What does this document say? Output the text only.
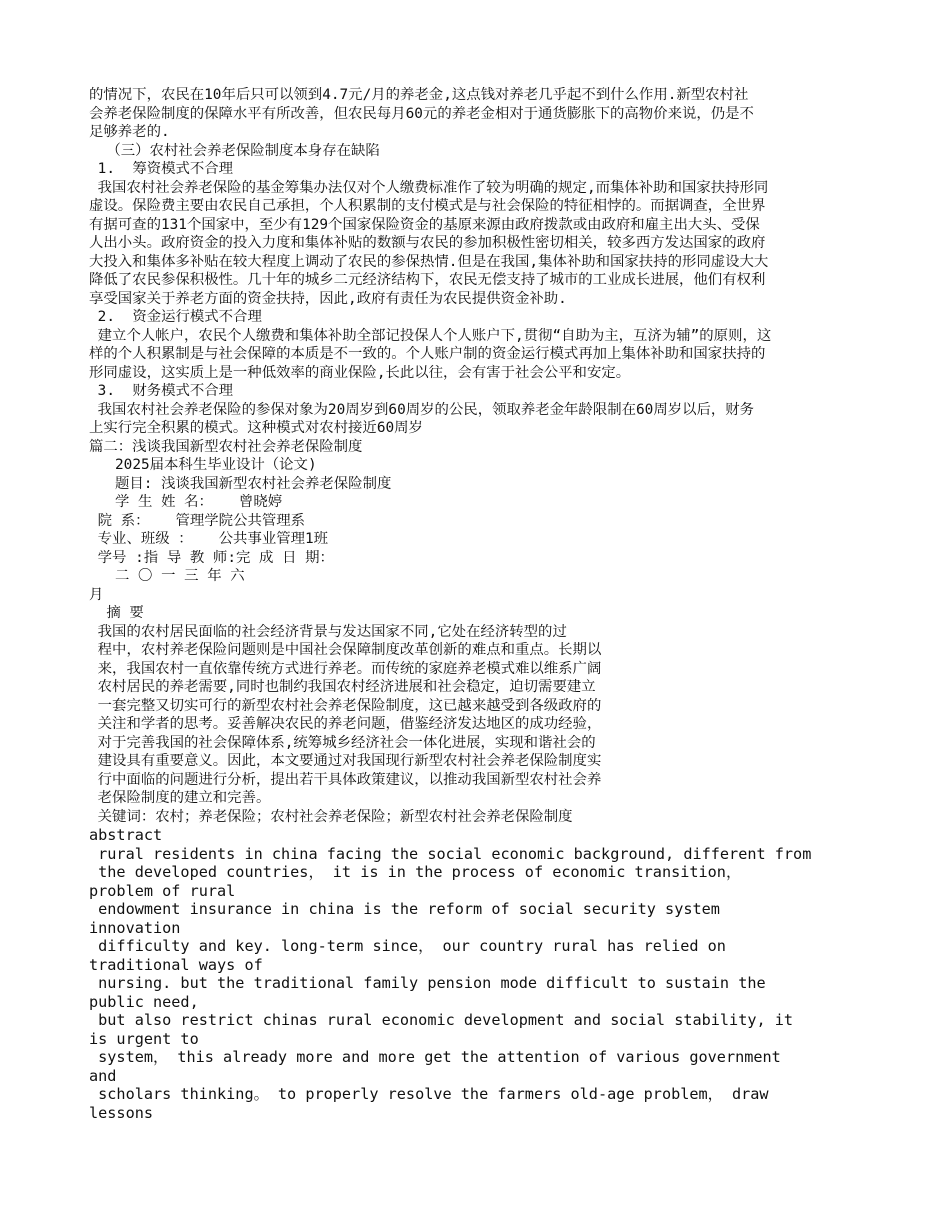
的情况下，农民在10年后只可以领到4.7元/月的养老金,这点钱对养老几乎起不到什么作用.新型农村社
会养老保险制度的保障水平有所改善，但农民每月60元的养老金相对于通货膨胀下的高物价来说，仍是不
足够养老的.
（三）农村社会养老保险制度本身存在缺陷
1.  筹资模式不合理
我国农村社会养老保险的基金筹集办法仅对个人缴费标准作了较为明确的规定,而集体补助和国家扶持形同
虚设。保险费主要由农民自己承担，个人积累制的支付模式是与社会保险的特征相悖的。而据调查，全世界
有据可查的131个国家中，至少有129个国家保险资金的基原来源由政府拨款或由政府和雇主出大头、受保
人出小头。政府资金的投入力度和集体补贴的数额与农民的参加积极性密切相关，较多西方发达国家的政府
大投入和集体多补贴在较大程度上调动了农民的参保热情.但是在我国,集体补助和国家扶持的形同虚设大大
降低了农民参保积极性。几十年的城乡二元经济结构下，农民无偿支持了城市的工业成长进展，他们有权利
享受国家关于养老方面的资金扶持，因此,政府有责任为农民提供资金补助.
2.  资金运行模式不合理
建立个人帐户，农民个人缴费和集体补助全部记投保人个人账户下,贯彻“自助为主，互济为辅”的原则，这
样的个人积累制是与社会保障的本质是不一致的。个人账户制的资金运行模式再加上集体补助和国家扶持的
形同虚设，这实质上是一种低效率的商业保险,长此以往，会有害于社会公平和安定。
3.  财务模式不合理
我国农村社会养老保险的参保对象为20周岁到60周岁的公民，领取养老金年龄限制在60周岁以后，财务
上实行完全积累的模式。这种模式对农村接近60周岁
篇二：浅谈我国新型农村社会养老保险制度
2025届本科生毕业设计（论文)
题目: 浅谈我国新型农村社会养老保险制度
学 生 姓 名：   曾晓婷
院 系：   管理学院公共管理系
专业、班级 ：   公共事业管理1班
学号 :指 导 教 师:完 成 日 期：
二 〇 一 三 年 六
月
摘 要
我国的农村居民面临的社会经济背景与发达国家不同,它处在经济转型的过
程中，农村养老保险问题则是中国社会保障制度改革创新的难点和重点。长期以
来，我国农村一直依靠传统方式进行养老。而传统的家庭养老模式难以维系广阔
农村居民的养老需要,同时也制约我国农村经济进展和社会稳定，迫切需要建立
一套完整又切实可行的新型农村社会养老保险制度，这已越来越受到各级政府的
关注和学者的思考。妥善解决农民的养老问题，借鉴经济发达地区的成功经验，
对于完善我国的社会保障体系,统筹城乡经济社会一体化进展，实现和谐社会的
建设具有重要意义。因此，本文要通过对我国现行新型农村社会养老保险制度实
行中面临的问题进行分析，提出若干具体政策建议，以推动我国新型农村社会养
老保险制度的建立和完善。
关键词：农村；养老保险；农村社会养老保险；新型农村社会养老保险制度
abstract
rural residents in china facing the social economic background, different from
the developed countries， it is in the process of economic transition，
problem of rural
endowment insurance in china is the reform of social security system
innovation
difficulty and key. long-term since， our country rural has relied on
traditional ways of
nursing. but the traditional family pension mode difficult to sustain the
public need,
but also restrict chinas rural economic development and social stability, it
is urgent to
system， this already more and more get the attention of various government
and
scholars thinking。 to properly resolve the farmers old-age problem， draw
lessons
